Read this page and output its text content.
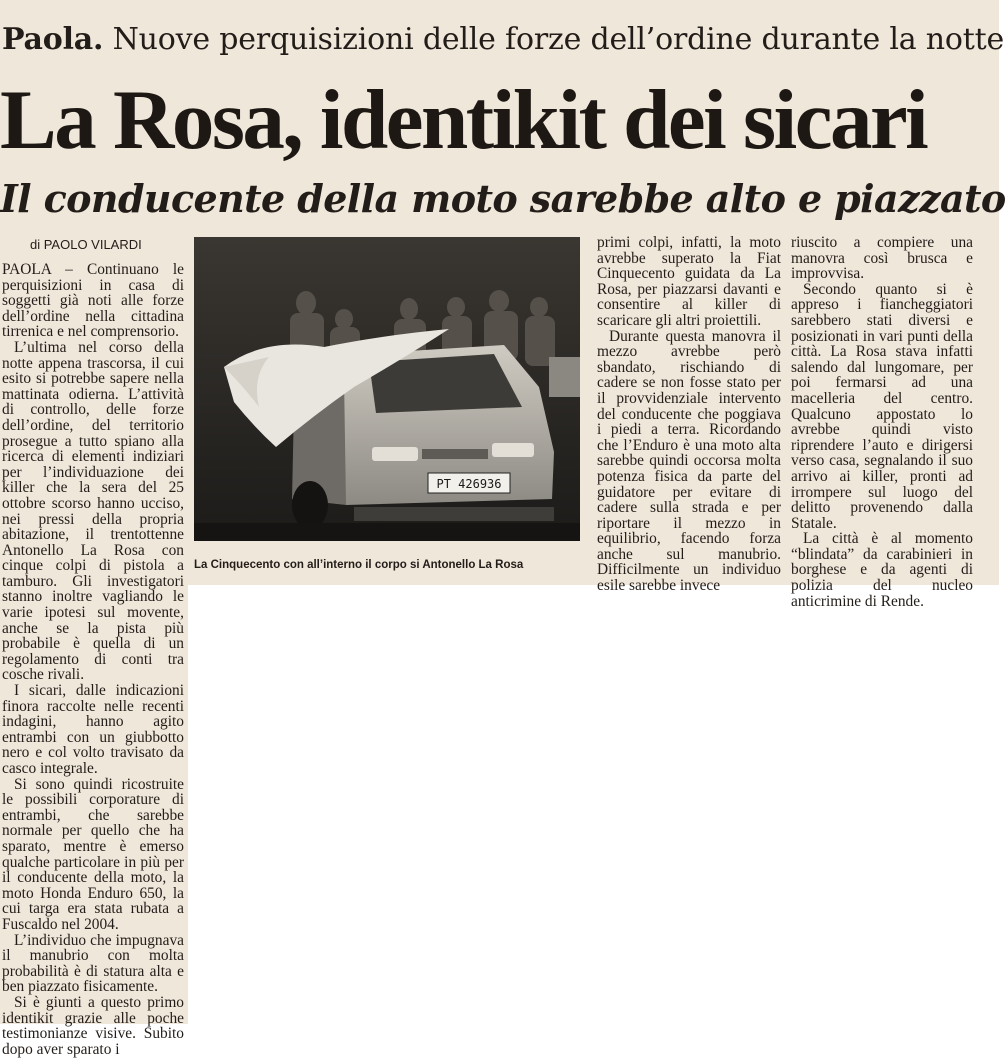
Paola. Nuove perquisizioni delle forze dell’ordine durante la notte
La Rosa, identikit dei sicari
Il conducente della moto sarebbe alto e piazzato
di PAOLO VILARDI

PAOLA – Continuano le perquisizioni in casa di soggetti già noti alle forze dell’ordine nella cittadina tirrenica e nel comprensorio.

L’ultima nel corso della notte appena trascorsa, il cui esito si potrebbe sapere nella mattinata odierna. L’attività di controllo, delle forze dell’ordine, del territorio prosegue a tutto spiano alla ricerca di elementi indiziari per l’individuazione dei killer che la sera del 25 ottobre scorso hanno ucciso, nei pressi della propria abitazione, il trentottenne Antonello La Rosa con cinque colpi di pistola a tamburo. Gli investigatori stanno inoltre vagliando le varie ipotesi sul movente, anche se la pista più probabile è quella di un regolamento di conti tra cosche rivali.

I sicari, dalle indicazioni finora raccolte nelle recenti indagini, hanno agito entrambi con un giubbotto nero e col volto travisato da casco integrale.

Si sono quindi ricostruite le possibili corporature di entrambi, che sarebbe normale per quello che ha sparato, mentre è emerso qualche particolare in più per il conducente della moto, la moto Honda Enduro 650, la cui targa era stata rubata a Fuscaldo nel 2004.

L’individuo che impugnava il manubrio con molta probabilità è di statura alta e ben piazzato fisicamente.

Si è giunti a questo primo identikit grazie alle poche testimonianze visive. Subito dopo aver sparato i

PT 426936
La Cinquecento con all’interno il corpo si Antonello La Rosa

primi colpi, infatti, la moto avrebbe superato la Fiat Cinquecento guidata da La Rosa, per piazzarsi davanti e consentire al killer di scaricare gli altri proiettili.

Durante questa manovra il mezzo avrebbe però sbandato, rischiando di cadere se non fosse stato per il provvidenziale intervento del conducente che poggiava i piedi a terra. Ricordando che l’Enduro è una moto alta sarebbe quindi occorsa molta potenza fisica da parte del guidatore per evitare di cadere sulla strada e per riportare il mezzo in equilibrio, facendo forza anche sul manubrio. Difficilmente un individuo esile sarebbe invece

riuscito a compiere una manovra così brusca e improvvisa.

Secondo quanto si è appreso i fiancheggiatori sarebbero stati diversi e posizionati in vari punti della città. La Rosa stava infatti salendo dal lungomare, per poi fermarsi ad una macelleria del centro. Qualcuno appostato lo avrebbe quindi visto riprendere l’auto e dirigersi verso casa, segnalando il suo arrivo ai killer, pronti ad irrompere sul luogo del delitto provenendo dalla Statale.

La città è al momento “blindata” da carabinieri in borghese e da agenti di polizia del nucleo anticrimine di Rende.
